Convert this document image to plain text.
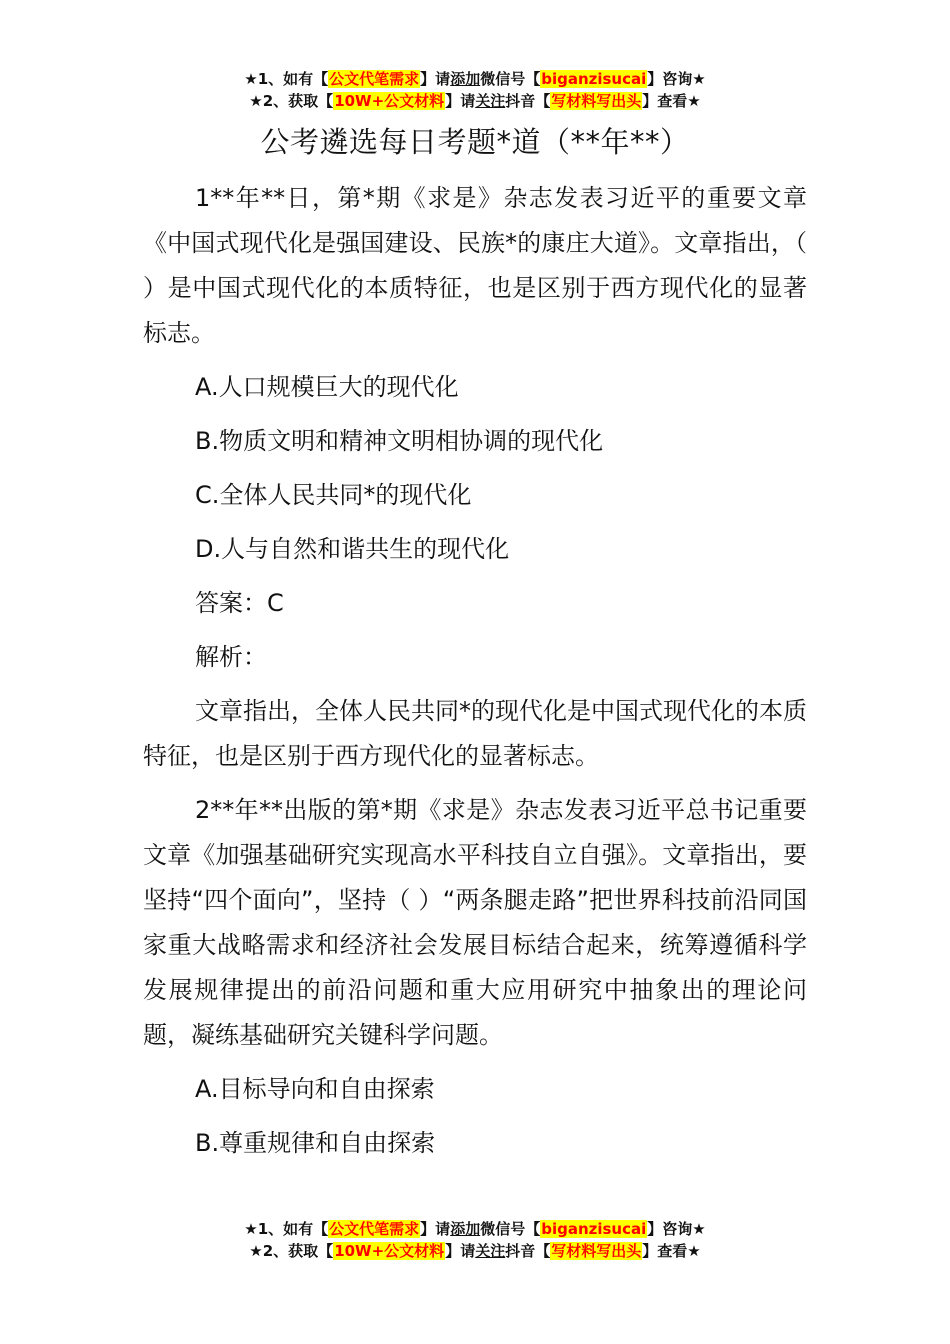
★1、如有【公文代笔需求】请添加微信号【biganzisucai】咨询★
★2、获取【10W+公文材料】请关注抖音【写材料写出头】查看★
公考遴选每日考题*道（**年**）

1**年**日，第*期《求是》杂志发表习近平的重要文章《中国式现代化是强国建设、民族*的康庄大道》。文章指出，（ ）是中国式现代化的本质特征，也是区别于西方现代化的显著标志。

A.人口规模巨大的现代化

B.物质文明和精神文明相协调的现代化

C.全体人民共同*的现代化

D.人与自然和谐共生的现代化

答案：C

解析：

文章指出，全体人民共同*的现代化是中国式现代化的本质特征，也是区别于西方现代化的显著标志。

2**年**出版的第*期《求是》杂志发表习近平总书记重要文章《加强基础研究实现高水平科技自立自强》。文章指出，要坚持“四个面向”，坚持（ ）“两条腿走路”把世界科技前沿同国家重大战略需求和经济社会发展目标结合起来，统筹遵循科学发展规律提出的前沿问题和重大应用研究中抽象出的理论问题，凝练基础研究关键科学问题。

A.目标导向和自由探索

B.尊重规律和自由探索

★1、如有【公文代笔需求】请添加微信号【biganzisucai】咨询★
★2、获取【10W+公文材料】请关注抖音【写材料写出头】查看★
